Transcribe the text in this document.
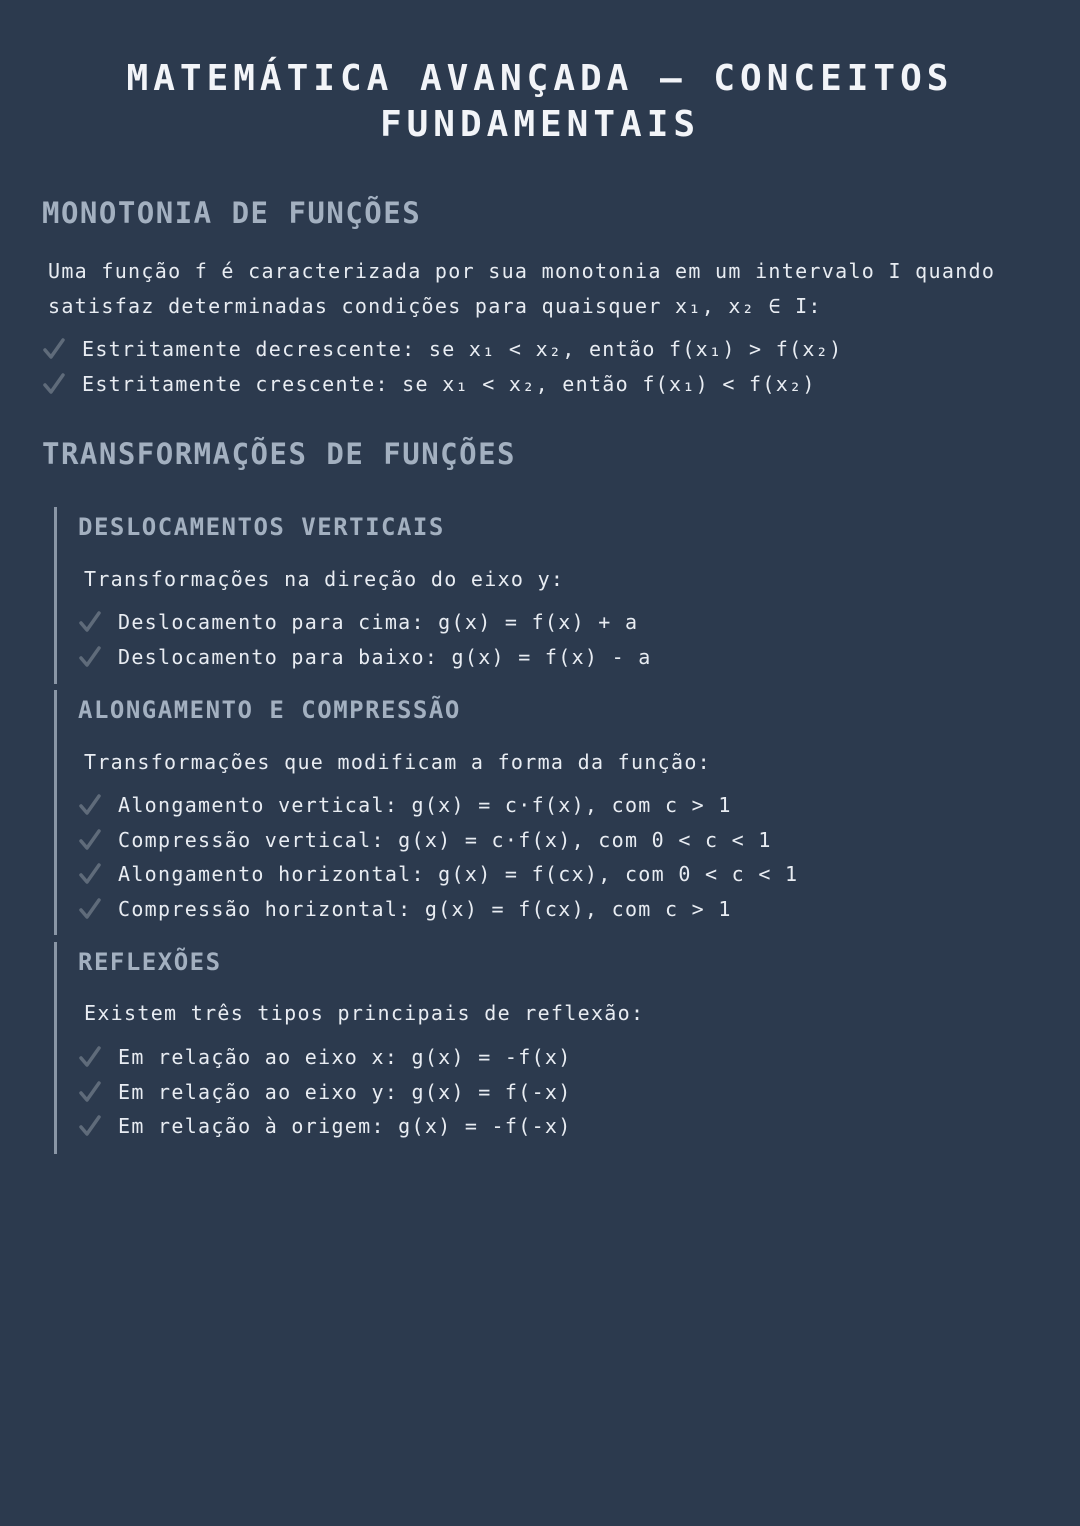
MATEMÁTICA AVANÇADA – CONCEITOS
FUNDAMENTAIS
MONOTONIA DE FUNÇÕES

Uma função f é caracterizada por sua monotonia em um intervalo I quando
satisfaz determinadas condições para quaisquer x₁, x₂ ∈ I:

Estritamente decrescente: se x₁ < x₂, então f(x₁) > f(x₂)
Estritamente crescente: se x₁ < x₂, então f(x₁) < f(x₂)
TRANSFORMAÇÕES DE FUNÇÕES
DESLOCAMENTOS VERTICAIS

Transformações na direção do eixo y:

Deslocamento para cima: g(x) = f(x) + a
Deslocamento para baixo: g(x) = f(x) - a
ALONGAMENTO E COMPRESSÃO

Transformações que modificam a forma da função:

Alongamento vertical: g(x) = c·f(x), com c > 1
Compressão vertical: g(x) = c·f(x), com 0 < c < 1
Alongamento horizontal: g(x) = f(cx), com 0 < c < 1
Compressão horizontal: g(x) = f(cx), com c > 1
REFLEXÕES

Existem três tipos principais de reflexão:

Em relação ao eixo x: g(x) = -f(x)
Em relação ao eixo y: g(x) = f(-x)
Em relação à origem: g(x) = -f(-x)
